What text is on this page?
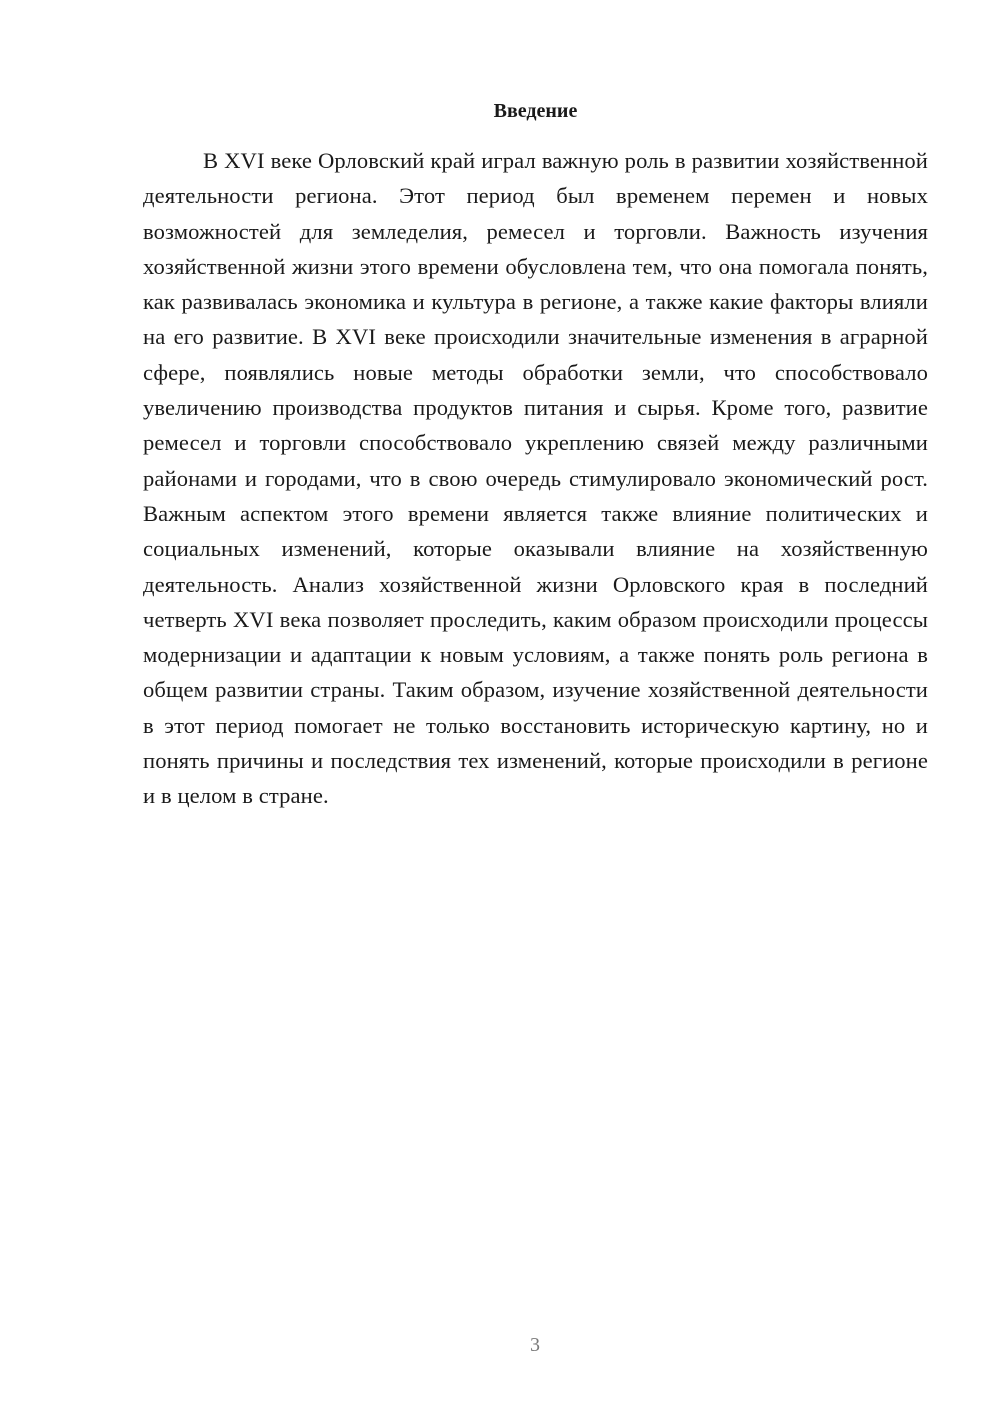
Введение

В XVI веке Орловский край играл важную роль в развитии хозяйственной деятельности региона. Этот период был временем перемен и новых возможностей для земледелия, ремесел и торговли. Важность изучения хозяйственной жизни этого времени обусловлена тем, что она помогала понять, как развивалась экономика и культура в регионе, а также какие факторы влияли на его развитие. В XVI веке происходили значительные изменения в аграрной сфере, появлялись новые методы обработки земли, что способствовало увеличению производства продуктов питания и сырья. Кроме того, развитие ремесел и торговли способствовало укреплению связей между различными районами и городами, что в свою очередь стимулировало экономический рост. Важным аспектом этого времени является также влияние политических и социальных изменений, которые оказывали влияние на хозяйственную деятельность. Анализ хозяйственной жизни Орловского края в последний четверть XVI века позволяет проследить, каким образом происходили процессы модернизации и адаптации к новым условиям, а также понять роль региона в общем развитии страны. Таким образом, изучение хозяйственной деятельности в этот период помогает не только восстановить историческую картину, но и понять причины и последствия тех изменений, которые происходили в регионе и в целом в стране.

3
